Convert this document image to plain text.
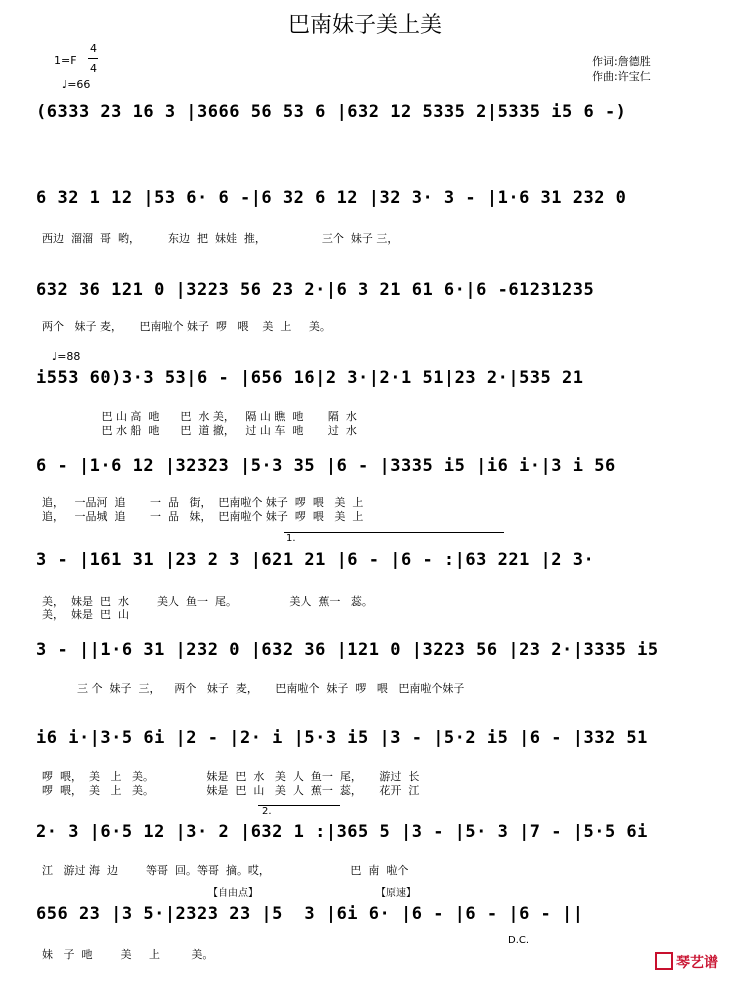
巴南妹子美上美
1=F
4
4
♩=66
作词:詹德胜
作曲:许宝仁
(6333 23 16 3 |3666 56 53 6 |632 12 5335 2|5335 i5 6 -)
6 32 1 12 |53 6· 6 -|6 32 6 12 |32 3· 3 - |1·6 31 232 0
西边  溜溜  哥  哟，        东边  把  妹娃  推，                三个  妹子 三，
632 36 121 0 |3223 56 23 2·|6 3 21 61 6·|6 -61231235
两个   妹子 麦，     巴南啦个 妹子  啰   喂    美  上     美。
♩=88
i553 60)3·3 53|6 - |656 16|2 3·|2·1 51|23 2·|535 21
巴 山 高  吔      巴  水 美，   隔 山 瞧  吔       隔  水
巴 水 船  吔      巴  道 撤，   过 山 车  吔       过  水
6 - |1·6 12 |32323 |5·3 35 |6 - |3335 i5 |i6 i·|3 i 56
追，   一品河  追       一  品   街，  巴南啦个 妹子  啰  喂   美  上
追，   一品城  追       一  品   妹，  巴南啦个 妹子  啰  喂   美  上
1.
3 - |161 31 |23 2 3 |621 21 |6 - |6 - :|63 221 |2 3·
美，  妹是  巴  水        美人  鱼一  尾。               美人  蕉一   蕊。
美，  妹是  巴  山
3 - ||1·6 31 |232 0 |632 36 |121 0 |3223 56 |23 2·|3335 i5
三 个  妹子  三，    两个   妹子  麦，     巴南啦个  妹子  啰   喂   巴南啦个妹子
i6 i·|3·5 6i |2 - |2· i |5·3 i5 |3 - |5·2 i5 |6 - |332 51
啰  喂，  美   上   美。               妹是  巴  水   美  人  鱼一  尾，     游过  长
啰  喂，  美   上   美。               妹是  巴  山   美  人  蕉一  蕊，     花开  江
2.
2· 3 |6·5 12 |3· 2 |632 1 :|365 5 |3 - |5· 3 |7 - |5·5 6i
江   游过 海  边        等哥  回。等哥  摘。哎，                       巴  南  啦个
【自由点】	【原速】
656 23 |3 5·|2323 23 |5  3 |6i 6· |6 - |6 - |6 - ||
D.C.
妹   子  吔        美     上         美。
琴艺谱
